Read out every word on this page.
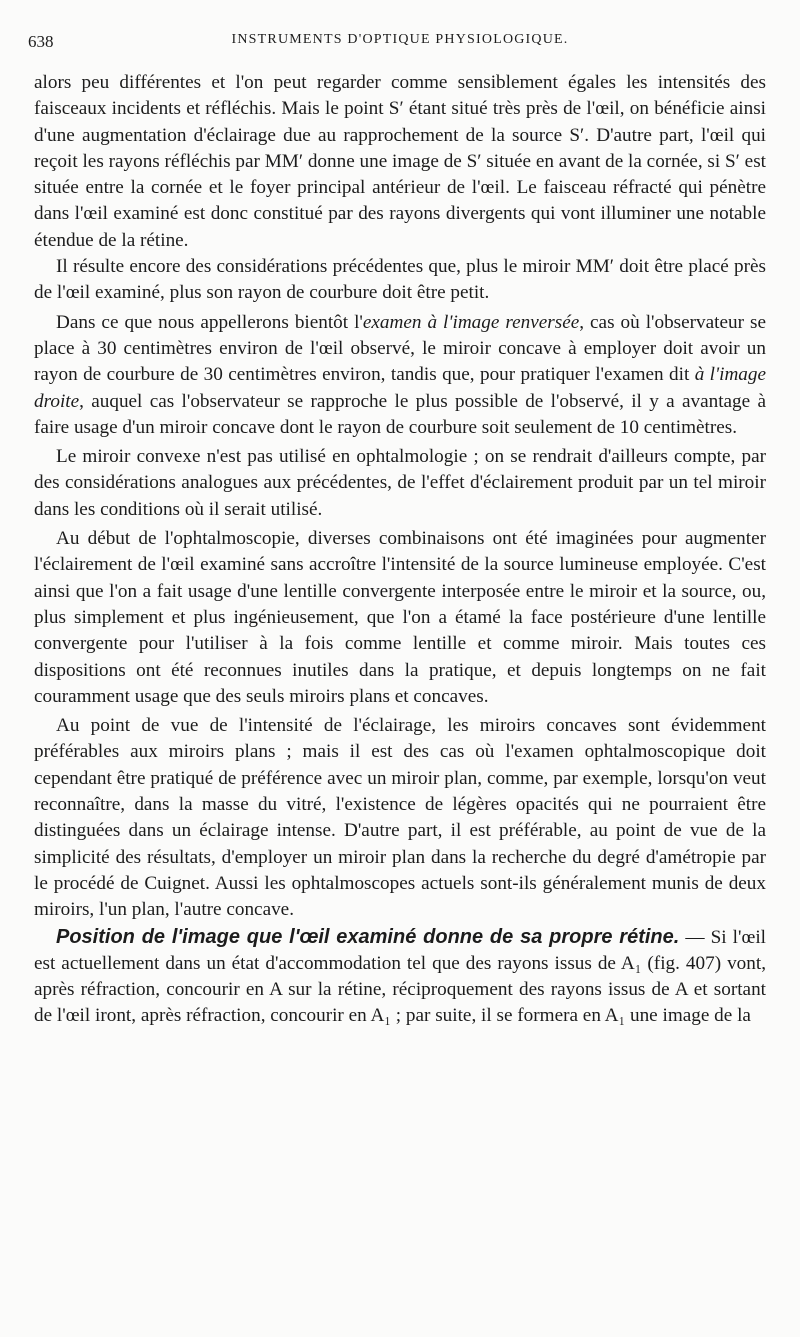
638	INSTRUMENTS D'OPTIQUE PHYSIOLOGIQUE.

alors peu différentes et l'on peut regarder comme sensiblement égales les intensités des faisceaux incidents et réfléchis. Mais le point S′ étant situé très près de l'œil, on bénéficie ainsi d'une augmentation d'éclairage due au rapprochement de la source S′. D'autre part, l'œil qui reçoit les rayons réfléchis par MM′ donne une image de S′ située en avant de la cornée, si S′ est située entre la cornée et le foyer principal antérieur de l'œil. Le faisceau réfracté qui pénètre dans l'œil examiné est donc constitué par des rayons divergents qui vont illuminer une notable étendue de la rétine.

Il résulte encore des considérations précédentes que, plus le miroir MM′ doit être placé près de l'œil examiné, plus son rayon de courbure doit être petit.

Dans ce que nous appellerons bientôt l'examen à l'image renversée, cas où l'observateur se place à 30 centimètres environ de l'œil observé, le miroir concave à employer doit avoir un rayon de courbure de 30 centimètres environ, tandis que, pour pratiquer l'examen dit à l'image droite, auquel cas l'observateur se rapproche le plus possible de l'observé, il y a avantage à faire usage d'un miroir concave dont le rayon de courbure soit seulement de 10 centimètres.

Le miroir convexe n'est pas utilisé en ophtalmologie ; on se rendrait d'ailleurs compte, par des considérations analogues aux précédentes, de l'effet d'éclairement produit par un tel miroir dans les conditions où il serait utilisé.

Au début de l'ophtalmoscopie, diverses combinaisons ont été imaginées pour augmenter l'éclairement de l'œil examiné sans accroître l'intensité de la source lumineuse employée. C'est ainsi que l'on a fait usage d'une lentille convergente interposée entre le miroir et la source, ou, plus simplement et plus ingénieusement, que l'on a étamé la face postérieure d'une lentille convergente pour l'utiliser à la fois comme lentille et comme miroir. Mais toutes ces dispositions ont été reconnues inutiles dans la pratique, et depuis longtemps on ne fait couramment usage que des seuls miroirs plans et concaves.

Au point de vue de l'intensité de l'éclairage, les miroirs concaves sont évidemment préférables aux miroirs plans ; mais il est des cas où l'examen ophtalmoscopique doit cependant être pratiqué de préférence avec un miroir plan, comme, par exemple, lorsqu'on veut reconnaître, dans la masse du vitré, l'existence de légères opacités qui ne pourraient être distinguées dans un éclairage intense. D'autre part, il est préférable, au point de vue de la simplicité des résultats, d'employer un miroir plan dans la recherche du degré d'amétropie par le procédé de Cuignet. Aussi les ophtalmoscopes actuels sont-ils généralement munis de deux miroirs, l'un plan, l'autre concave.

Position de l'image que l'œil examiné donne de sa propre rétine. — Si l'œil est actuellement dans un état d'accommodation tel que des rayons issus de A₁ (fig. 407) vont, après réfraction, concourir en A sur la rétine, réciproquement des rayons issus de A et sortant de l'œil iront, après réfraction, concourir en A₁ ; par suite, il se formera en A₁ une image de la
